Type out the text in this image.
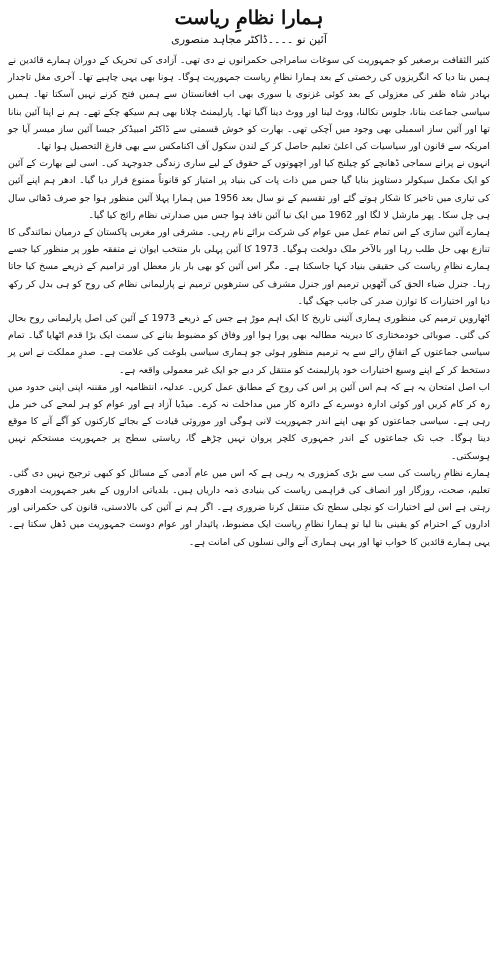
ہمارا نظامِ ریاست
آئین نو ۔۔۔۔ڈاکٹر مجاہد منصوری

کثیر الثقافت برصغیر کو جمہوریت کی سوغات سامراجی حکمرانوں نے دی تھی۔ آزادی کی تحریک کے دوران ہمارے قائدین نے ہمیں بتا دیا کہ انگریزوں کی رخصتی کے بعد ہمارا نظامِ ریاست جمہوریت ہوگا۔ ہونا بھی یہی چاہیے تھا۔ آخری مغل تاجدار بہادر شاہ ظفر کی معزولی کے بعد کوئی غزنوی یا سوری بھی اب افغانستان سے ہمیں فتح کرنے نہیں آسکتا تھا۔ ہمیں سیاسی جماعت بنانا، جلوس نکالنا، ووٹ لینا اور ووٹ دینا آگیا تھا۔ پارلیمنٹ چلانا بھی ہم سیکھ چکے تھے۔ ہم نے اپنا آئین بنانا تھا اور آئین ساز اسمبلی بھی وجود میں آچکی تھی۔ بھارت کو خوش قسمتی سے ڈاکٹر امبیڈکر جیسا آئین ساز میسر آیا جو امریکہ سے قانون اور سیاسیات کی اعلیٰ تعلیم حاصل کر کے لندن سکول آف اکنامکس سے بھی فارغ التحصیل ہوا تھا۔

انہوں نے پرانے سماجی ڈھانچے کو چیلنج کیا اور اچھوتوں کے حقوق کے لیے ساری زندگی جدوجہد کی۔ اسی لیے بھارت کے آئین کو ایک مکمل سیکولر دستاویز بنایا گیا جس میں ذات پات کی بنیاد پر امتیاز کو قانوناً ممنوع قرار دیا گیا۔ ادھر ہم اپنے آئین کی تیاری میں تاخیر کا شکار ہوتے گئے اور تقسیم کے نو سال بعد 1956 میں ہمارا پہلا آئین منظور ہوا جو صرف ڈھائی سال ہی چل سکا۔ پھر مارشل لا لگا اور 1962 میں ایک نیا آئین نافذ ہوا جس میں صدارتی نظام رائج کیا گیا۔

ہمارے آئین سازی کے اس تمام عمل میں عوام کی شرکت برائے نام رہی۔ مشرقی اور مغربی پاکستان کے درمیان نمائندگی کا تنازع بھی حل طلب رہا اور بالآخر ملک دولخت ہوگیا۔ 1973 کا آئین پہلی بار منتخب ایوان نے متفقہ طور پر منظور کیا جسے ہمارے نظامِ ریاست کی حقیقی بنیاد کہا جاسکتا ہے۔ مگر اس آئین کو بھی بار بار معطل اور ترامیم کے ذریعے مسخ کیا جاتا رہا۔ جنرل ضیاء الحق کی آٹھویں ترمیم اور جنرل مشرف کی سترھویں ترمیم نے پارلیمانی نظام کی روح کو ہی بدل کر رکھ دیا اور اختیارات کا توازن صدر کی جانب جھک گیا۔

اٹھارویں ترمیم کی منظوری ہماری آئینی تاریخ کا ایک اہم موڑ ہے جس کے ذریعے 1973 کے آئین کی اصل پارلیمانی روح بحال کی گئی۔ صوبائی خودمختاری کا دیرینہ مطالبہ بھی پورا ہوا اور وفاق کو مضبوط بنانے کی سمت ایک بڑا قدم اٹھایا گیا۔ تمام سیاسی جماعتوں کے اتفاقِ رائے سے یہ ترمیم منظور ہوئی جو ہماری سیاسی بلوغت کی علامت ہے۔ صدرِ مملکت نے اس پر دستخط کر کے اپنے وسیع اختیارات خود پارلیمنٹ کو منتقل کر دیے جو ایک غیر معمولی واقعہ ہے۔

اب اصل امتحان یہ ہے کہ ہم اس آئین پر اس کی روح کے مطابق عمل کریں۔ عدلیہ، انتظامیہ اور مقننہ اپنی اپنی حدود میں رہ کر کام کریں اور کوئی ادارہ دوسرے کے دائرہ کار میں مداخلت نہ کرے۔ میڈیا آزاد ہے اور عوام کو ہر لمحے کی خبر مل رہی ہے۔ سیاسی جماعتوں کو بھی اپنے اندر جمہوریت لانی ہوگی اور موروثی قیادت کے بجائے کارکنوں کو آگے آنے کا موقع دینا ہوگا۔ جب تک جماعتوں کے اندر جمہوری کلچر پروان نہیں چڑھے گا، ریاستی سطح پر جمہوریت مستحکم نہیں ہوسکتی۔

ہمارے نظامِ ریاست کی سب سے بڑی کمزوری یہ رہی ہے کہ اس میں عام آدمی کے مسائل کو کبھی ترجیح نہیں دی گئی۔ تعلیم، صحت، روزگار اور انصاف کی فراہمی ریاست کی بنیادی ذمہ داریاں ہیں۔ بلدیاتی اداروں کے بغیر جمہوریت ادھوری رہتی ہے اس لیے اختیارات کو نچلی سطح تک منتقل کرنا ضروری ہے۔ اگر ہم نے آئین کی بالادستی، قانون کی حکمرانی اور اداروں کے احترام کو یقینی بنا لیا تو ہمارا نظامِ ریاست ایک مضبوط، پائیدار اور عوام دوست جمہوریت میں ڈھل سکتا ہے۔ یہی ہمارے قائدین کا خواب تھا اور یہی ہماری آنے والی نسلوں کی امانت ہے۔
